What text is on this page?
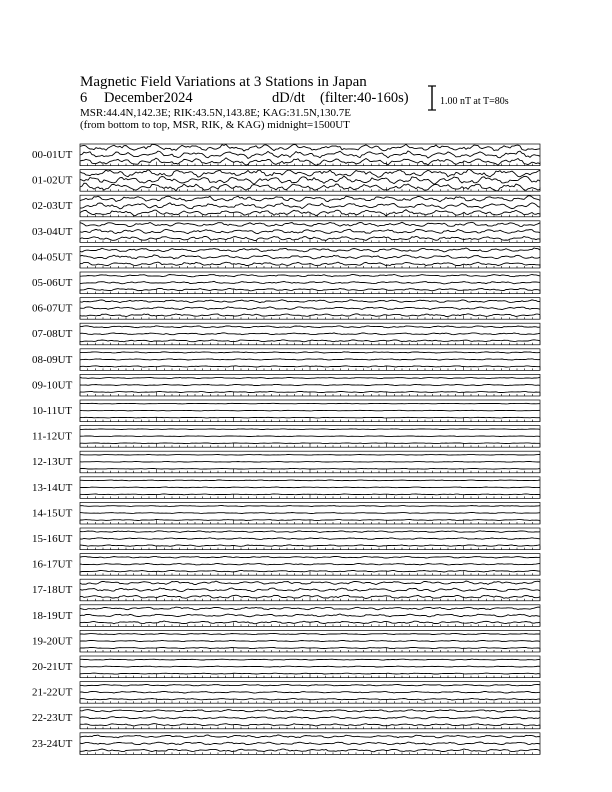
Magnetic Field Variations at 3 Stations in Japan
6 December2024	dD/dt (filter:40-160s)
MSR:44.4N,142.3E; RIK:43.5N,143.8E; KAG:31.5N,130.7E
(from bottom to top, MSR, RIK, & KAG) midnight=1500UT
1.00 nT at T=80s
00-01UT
01-02UT
02-03UT
03-04UT
04-05UT
05-06UT
06-07UT
07-08UT
08-09UT
09-10UT
10-11UT
11-12UT
12-13UT
13-14UT
14-15UT
15-16UT
16-17UT
17-18UT
18-19UT
19-20UT
20-21UT
21-22UT
22-23UT
23-24UT
